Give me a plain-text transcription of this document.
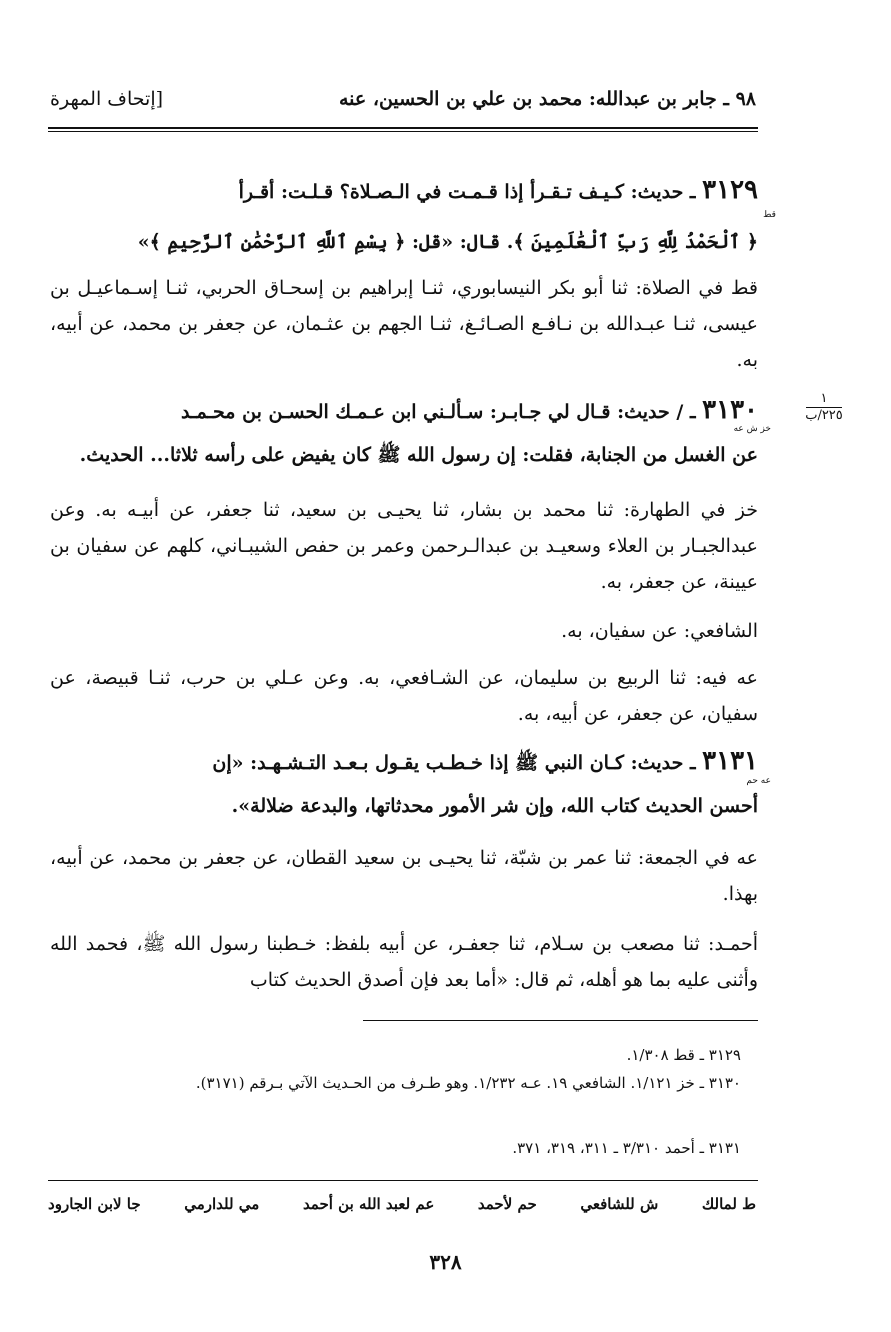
٩٨ ـ جابر بن عبدالله: محمد بن علي بن الحسين، عنه
[إتحاف المهرة
٣١٢٩ ـ حديث: كـيـف تـقـرأ إذا قـمـت في الـصـلاة؟ قـلـت: أقـرأ
قط
﴿ ٱلْحَمْدُ لِلَّهِ رَبِّ ٱلْعَٰلَمِينَ ﴾. قال: «قل: ﴿ بِسْمِ ٱللَّهِ ٱلرَّحْمَٰنِ ٱلرَّحِيمِ ﴾»
قط في الصلاة: ثنا أبو بكر النيسابوري، ثنـا إبراهيم بن إسحـاق الحربي، ثنـا إسـماعيـل بن عيسى، ثنـا عبـدالله بن نـافـع الصـائـغ، ثنـا الجهم بن عثـمان، عن جعفر بن محمد، عن أبيه، به.
١
٢٢٥/ب
٣١٣٠ ـ / حديث: قـال لي جـابـر: سـألـني ابن عـمـك الحسـن بن محـمـد
خز ش عه
عن الغسل من الجنابة، فقلت: إن رسول الله ﷺ كان يفيض على رأسه ثلاثا... الحديث.
خز في الطهارة: ثنا محمد بن بشار، ثنا يحيـى بن سعيد، ثنا جعفر، عن أبيـه به. وعن عبدالجبـار بن العلاء وسعيـد بن عبدالـرحمن وعمر بن حفص الشيبـاني، كلهم عن سفيان بن عيينة، عن جعفر، به.
الشافعي: عن سفيان، به.
عه فيه: ثنا الربيع بن سليمان، عن الشـافعي، به. وعن عـلي بن حرب، ثنـا قبيصة، عن سفيان، عن جعفر، عن أبيه، به.
٣١٣١ ـ حديث: كـان النبي ﷺ إذا خـطـب يقـول بـعـد التـشـهـد: «إن
عه حم
أحسن الحديث كتاب الله، وإن شر الأمور محدثاتها، والبدعة ضلالة».
عه في الجمعة: ثنا عمر بن شبّة، ثنا يحيـى بن سعيد القطان، عن جعفر بن محمد، عن أبيه، بهذا.
أحمـد: ثنا مصعب بن سـلام، ثنا جعفـر، عن أبيه بلفظ: خـطبنا رسول الله ﷺ، فحمد الله وأثنى عليه بما هو أهله، ثم قال: «أما بعد فإن أصدق الحديث كتاب
٣١٢٩ ـ قط ١/٣٠٨.
٣١٣٠ ـ خز ١/١٢١. الشافعي ١٩. عـه ١/٢٣٢. وهو طـرف من الحـديث الآتي بـرقم (٣١٧١).
٣١٣١ ـ أحمد ٣/٣١٠ ـ ٣١١، ٣١٩، ٣٧١.
ط لمالك
ش للشافعي
حم لأحمد
عم لعبد الله بن أحمد
مي للدارمي
جا لابن الجارود
٣٢٨
